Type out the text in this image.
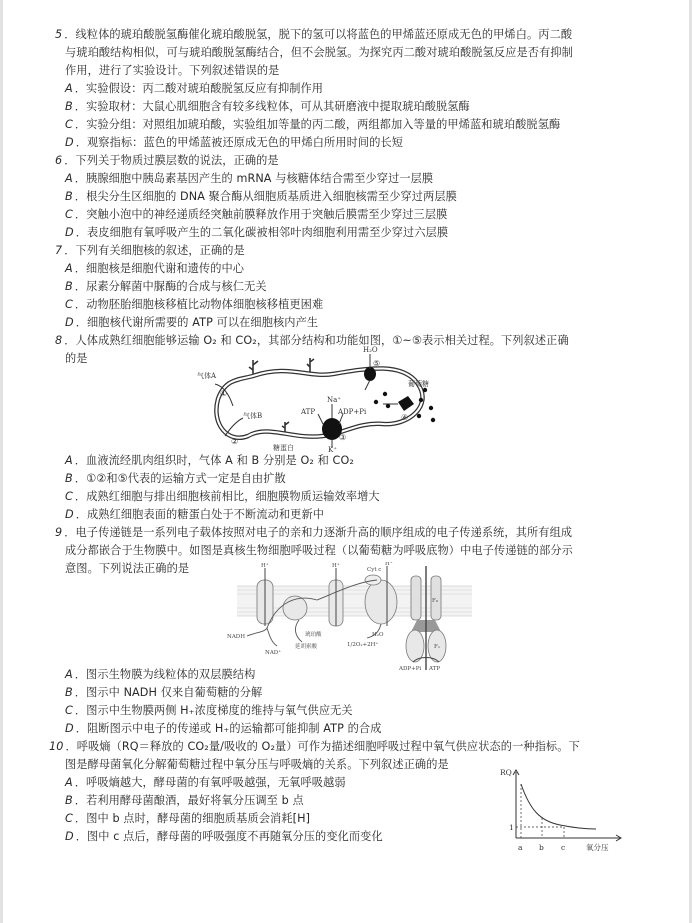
5 ．线粒体的琥珀酸脱氢酶催化琥珀酸脱氢，脱下的氢可以将蓝色的甲烯蓝还原成无色的甲烯白。丙二酸
与琥珀酸结构相似，可与琥珀酸脱氢酶结合，但不会脱氢。为探究丙二酸对琥珀酸脱氢反应是否有抑制
作用，进行了实验设计。下列叙述错误的是
A ．实验假设：丙二酸对琥珀酸脱氢反应有抑制作用
B ．实验取材：大鼠心肌细胞含有较多线粒体，可从其研磨液中提取琥珀酸脱氢酶
C ．实验分组：对照组加琥珀酸，实验组加等量的丙二酸，两组都加入等量的甲烯蓝和琥珀酸脱氢酶
D ．观察指标：蓝色的甲烯蓝被还原成无色的甲烯白所用时间的长短
6 ．下列关于物质过膜层数的说法，正确的是
A ．胰腺细胞中胰岛素基因产生的 mRNA 与核糖体结合需至少穿过一层膜
B ．根尖分生区细胞的 DNA 聚合酶从细胞质基质进入细胞核需至少穿过两层膜
C ．突触小泡中的神经递质经突触前膜释放作用于突触后膜需至少穿过三层膜
D ．表皮细胞有氧呼吸产生的二氧化碳被相邻叶肉细胞利用需至少穿过六层膜
7 ．下列有关细胞核的叙述，正确的是
A ．细胞核是细胞代谢和遗传的中心
B ．尿素分解菌中脲酶的合成与核仁无关
C ．动物胚胎细胞核移植比动物体细胞核移植更困难
D ．细胞核代谢所需要的 ATP 可以在细胞核内产生
8 ．人体成熟红细胞能够运输 O₂ 和 CO₂，其部分结构和功能如图，①~⑤表示相关过程。下列叙述正确
的是
气体A
①
气体B
②
糖蛋白
H₂O
⑤
Na⁺
ATP	ADP+Pi
③
K⁺
④
葡萄糖
A ．血液流经肌肉组织时，气体 A 和 B 分别是 O₂ 和 CO₂
B ．①②和⑤代表的运输方式一定是自由扩散
C ．成熟红细胞与排出细胞核前相比，细胞膜物质运输效率增大
D ．成熟红细胞表面的糖蛋白处于不断流动和更新中
9 ．电子传递链是一系列电子载体按照对电子的亲和力逐渐升高的顺序组成的电子传递系统，其所有组成
成分都嵌合于生物膜中。如图是真核生物细胞呼吸过程（以葡萄糖为呼吸底物）中电子传递链的部分示
意图。下列说法正确的是	H⁺	H⁺
Cyt c
H⁺
NADH
NAD⁺
琥珀酸
延胡索酸	1/2O₂+2H⁺
H₂O
F₀
F₁
ADP+Pi ATP
A ．图示生物膜为线粒体的双层膜结构
B ．图示中 NADH 仅来自葡萄糖的分解
C ．图示中生物膜两侧 H₊浓度梯度的维持与氧气供应无关
D ．阻断图示中电子的传递或 H₊的运输都可能抑制 ATP 的合成
10 ．呼吸熵（RQ＝释放的 CO₂量/吸收的 O₂量）可作为描述细胞呼吸过程中氧气供应状态的一种指标。下
图是酵母菌氧化分解葡萄糖过程中氧分压与呼吸熵的关系。下列叙述正确的是
A ．呼吸熵越大，酵母菌的有氧呼吸越强，无氧呼吸越弱
B ．若利用酵母菌酿酒，最好将氧分压调至 b 点
C ．图中 b 点时，酵母菌的细胞质基质会消耗[H]
D ．图中 c 点后，酵母菌的呼吸强度不再随氧分压的变化而变化
RQ
1
a b c	氧分压
